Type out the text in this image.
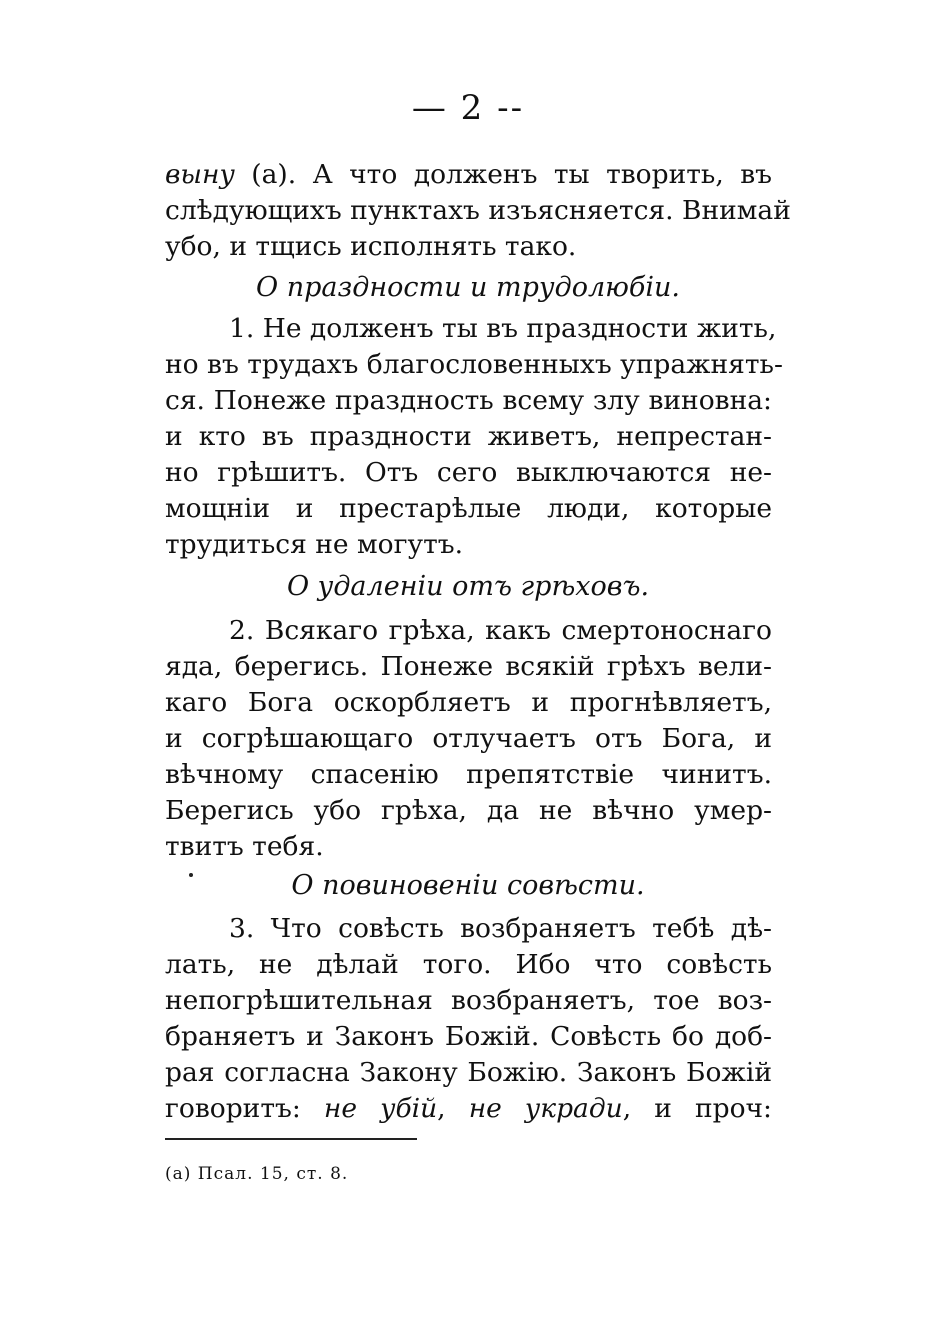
— 2 --
выну (а). А что долженъ ты творить, въ
слѣдующихъ пунктахъ изъясняется. Внимай
убо, и тщись исполнять тако.
О праздности и трудолюбіи.
1. Не долженъ ты въ праздности жить,
но въ трудахъ благословенныхъ упражнять-
ся. Понеже праздность всему злу виновна:
и кто въ праздности живетъ, непрестан-
но грѣшитъ. Отъ сего выключаются не-
мощніи и престарѣлые люди, которые
трудиться не могутъ.
О удаленіи отъ грѣховъ.
2. Всякаго грѣха, какъ смертоноснаго
яда, берегись. Понеже всякій грѣхъ вели-
каго Бога оскорбляетъ и прогнѣвляетъ,
и согрѣшающаго отлучаетъ отъ Бога, и
вѣчному спасенію препятствіе чинитъ.
Берегись убо грѣха, да не вѣчно умер-
твитъ тебя.
О повиновеніи совѣсти.
3. Что совѣсть возбраняетъ тебѣ дѣ-
лать, не дѣлай того. Ибо что совѣсть
непогрѣшительная возбраняетъ, тое воз-
браняетъ и Законъ Божій. Совѣсть бо доб-
рая согласна Закону Божію. Законъ Божій
говоритъ: не убій, не укради, и проч:
(а) Псал. 15, ст. 8.
